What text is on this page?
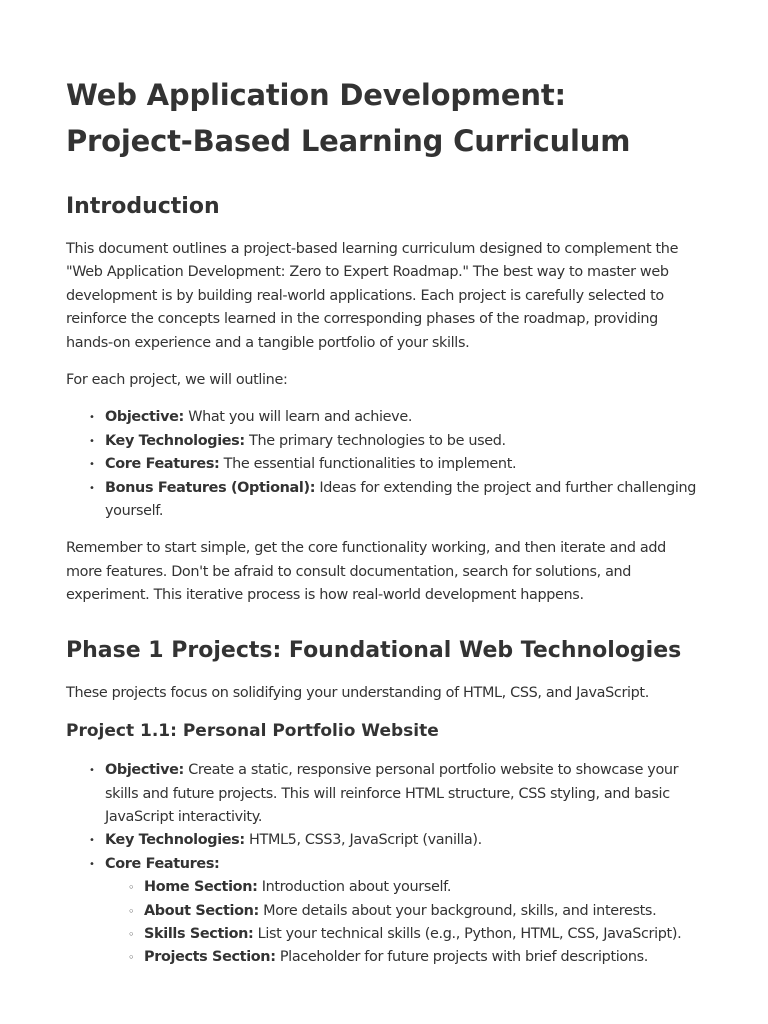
Web Application Development: Project-Based Learning Curriculum
Introduction

This document outlines a project-based learning curriculum designed to complement the "Web Application Development: Zero to Expert Roadmap." The best way to master web development is by building real-world applications. Each project is carefully selected to reinforce the concepts learned in the corresponding phases of the roadmap, providing hands-on experience and a tangible portfolio of your skills.

For each project, we will outline:

• Objective: What you will learn and achieve.
• Key Technologies: The primary technologies to be used.
• Core Features: The essential functionalities to implement.
• Bonus Features (Optional): Ideas for extending the project and further challenging yourself.

Remember to start simple, get the core functionality working, and then iterate and add more features. Don't be afraid to consult documentation, search for solutions, and experiment. This iterative process is how real-world development happens.

Phase 1 Projects: Foundational Web Technologies

These projects focus on solidifying your understanding of HTML, CSS, and JavaScript.

Project 1.1: Personal Portfolio Website
• Objective: Create a static, responsive personal portfolio website to showcase your skills and future projects. This will reinforce HTML structure, CSS styling, and basic JavaScript interactivity.
• Key Technologies: HTML5, CSS3, JavaScript (vanilla).
• Core Features:
◦ Home Section: Introduction about yourself.
◦ About Section: More details about your background, skills, and interests.
◦ Skills Section: List your technical skills (e.g., Python, HTML, CSS, JavaScript).
◦ Projects Section: Placeholder for future projects with brief descriptions.
